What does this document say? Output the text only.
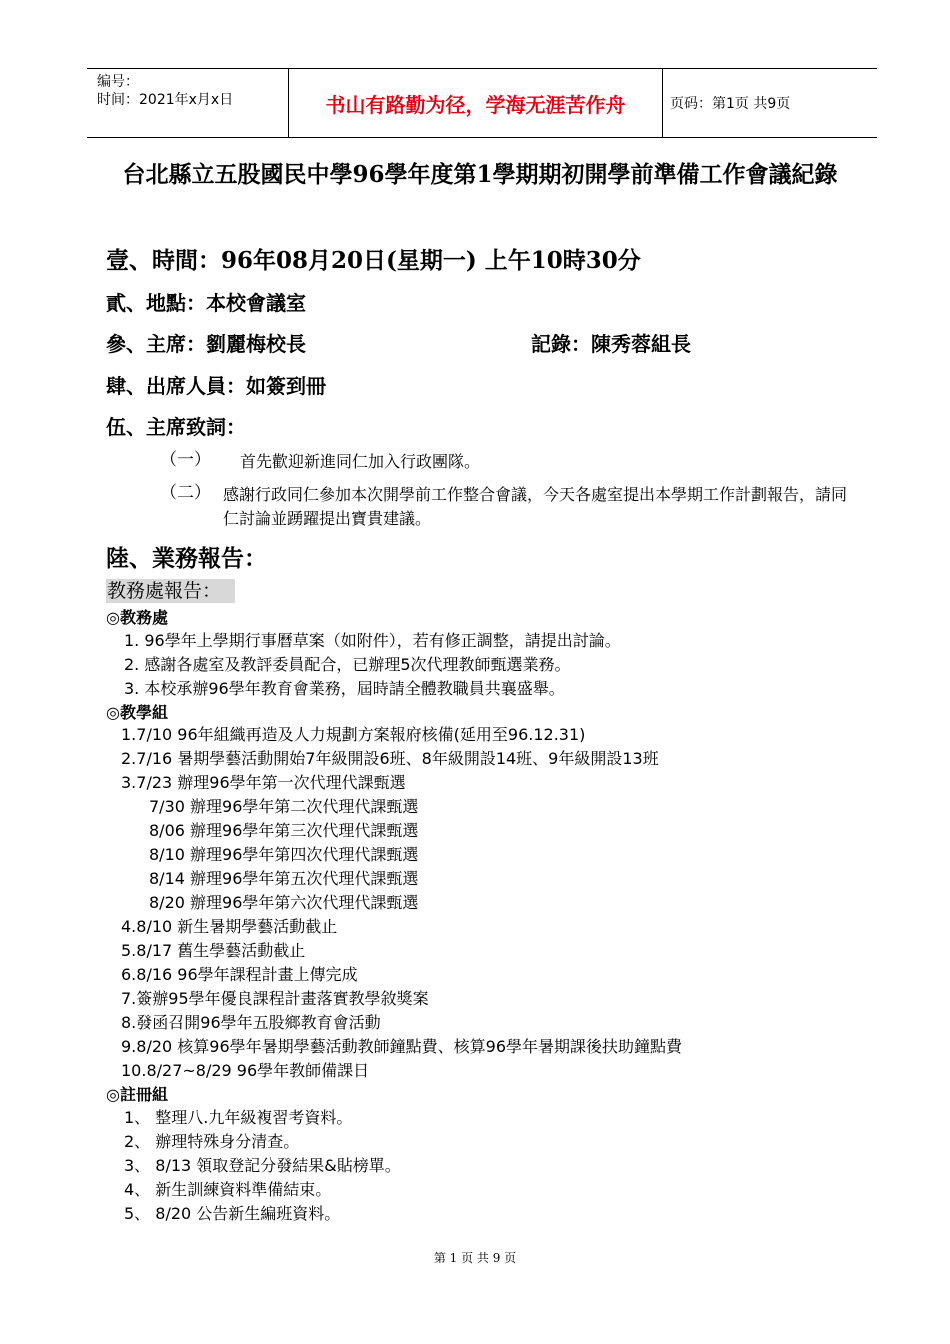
编号：
时间：2021年x月x日	书山有路勤为径，学海无涯苦作舟	页码：第1页 共9页
台北縣立五股國民中學96學年度第1學期期初開學前準備工作會議紀錄
壹、時間：96年08月20日(星期一) 上午10時30分
貳、地點：本校會議室
參、主席：劉麗梅校長	記錄：陳秀蓉組長
肆、出席人員：如簽到冊
伍、主席致詞：
（一） 首先歡迎新進同仁加入行政團隊。
（二） 感謝行政同仁參加本次開學前工作整合會議，今天各處室提出本學期工作計劃報告，請同仁討論並踴躍提出寶貴建議。
陸、業務報告：
教務處報告：
◎教務處
1. 96學年上學期行事曆草案（如附件），若有修正調整，請提出討論。
2. 感謝各處室及教評委員配合，已辦理5次代理教師甄選業務。
3. 本校承辦96學年教育會業務，屆時請全體教職員共襄盛舉。
◎教學組
1.7/10 96年組織再造及人力規劃方案報府核備(延用至96.12.31)
2.7/16 暑期學藝活動開始7年級開設6班、8年級開設14班、9年級開設13班
3.7/23 辦理96學年第一次代理代課甄選
7/30 辦理96學年第二次代理代課甄選
8/06 辦理96學年第三次代理代課甄選
8/10 辦理96學年第四次代理代課甄選
8/14 辦理96學年第五次代理代課甄選
8/20 辦理96學年第六次代理代課甄選
4.8/10 新生暑期學藝活動截止
5.8/17 舊生學藝活動截止
6.8/16 96學年課程計畫上傳完成
7.簽辦95學年優良課程計畫落實教學敘獎案
8.發函召開96學年五股鄉教育會活動
9.8/20 核算96學年暑期學藝活動教師鐘點費、核算96學年暑期課後扶助鐘點費
10.8/27~8/29 96學年教師備課日
◎註冊組
1、 整理八.九年級複習考資料。
2、 辦理特殊身分清查。
3、 8/13 領取登記分發結果&貼榜單。
4、 新生訓練資料準備結束。
5、 8/20 公告新生編班資料。
第 1 页 共 9 页
